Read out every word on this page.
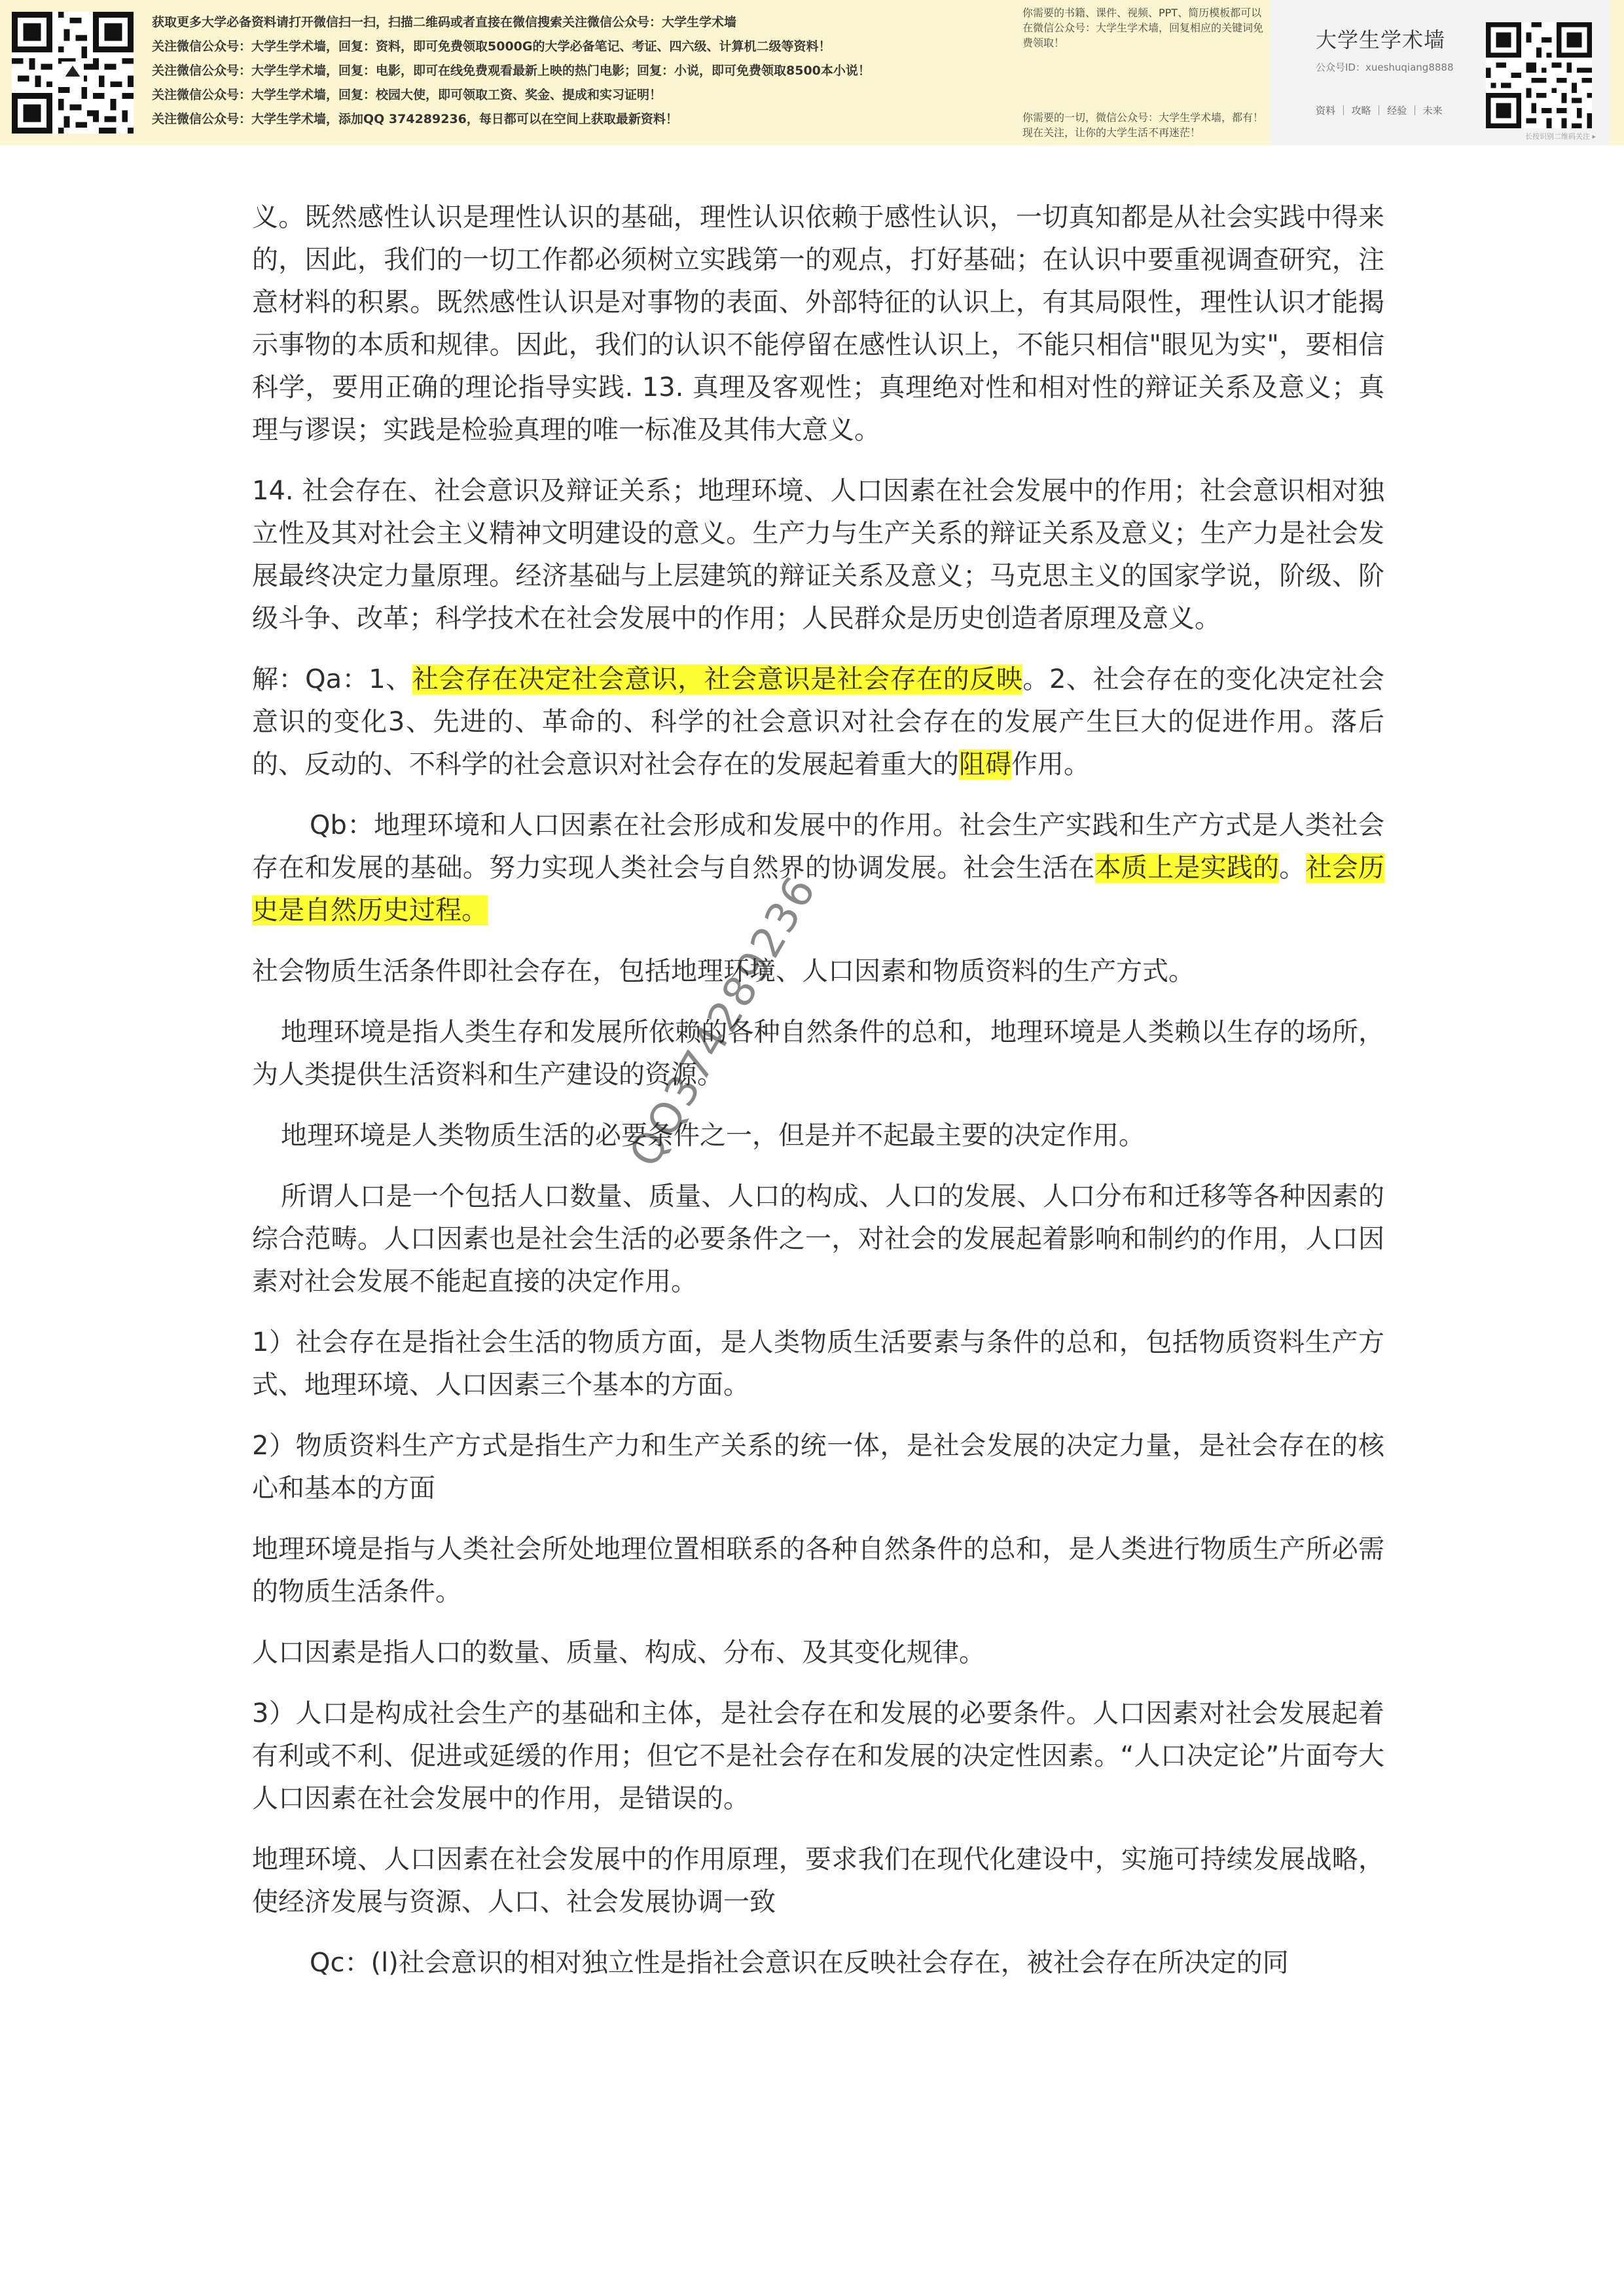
获取更多大学必备资料请打开微信扫一扫，扫描二维码或者直接在微信搜索关注微信公众号：大学生学术墙
关注微信公众号：大学生学术墙，回复：资料，即可免费领取5000G的大学必备笔记、考证、四六级、计算机二级等资料！
关注微信公众号：大学生学术墙，回复：电影，即可在线免费观看最新上映的热门电影；回复：小说，即可免费领取8500本小说！
关注微信公众号：大学生学术墙，回复：校园大使，即可领取工资、奖金、提成和实习证明！
关注微信公众号：大学生学术墙，添加QQ 374289236，每日都可以在空间上获取最新资料！
你需要的书籍、课件、视频、PPT、简历模板都可以在微信公众号：大学生学术墙，回复相应的关键词免费领取！
你需要的一切，微信公众号：大学生学术墙，都有！现在关注，让你的大学生活不再迷茫！
大学生学术墙
公众号ID：xueshuqiang8888
资料 ｜ 攻略 ｜ 经验 ｜ 未来
长按识别二维码关注 ▸

义。既然感性认识是理性认识的基础，理性认识依赖于感性认识，一切真知都是从社会实践中得来的，因此，我们的一切工作都必须树立实践第一的观点，打好基础；在认识中要重视调查研究，注意材料的积累。既然感性认识是对事物的表面、外部特征的认识上，有其局限性，理性认识才能揭示事物的本质和规律。因此，我们的认识不能停留在感性认识上，不能只相信"眼见为实"，要相信科学，要用正确的理论指导实践. 13. 真理及客观性；真理绝对性和相对性的辩证关系及意义；真理与谬误；实践是检验真理的唯一标准及其伟大意义。

14. 社会存在、社会意识及辩证关系；地理环境、人口因素在社会发展中的作用；社会意识相对独立性及其对社会主义精神文明建设的意义。生产力与生产关系的辩证关系及意义；生产力是社会发展最终决定力量原理。经济基础与上层建筑的辩证关系及意义；马克思主义的国家学说，阶级、阶级斗争、改革；科学技术在社会发展中的作用；人民群众是历史创造者原理及意义。

解：Qa：1、社会存在决定社会意识，社会意识是社会存在的反映。2、社会存在的变化决定社会意识的变化3、先进的、革命的、科学的社会意识对社会存在的发展产生巨大的促进作用。落后的、反动的、不科学的社会意识对社会存在的发展起着重大的阻碍作用。

Qb：地理环境和人口因素在社会形成和发展中的作用。社会生产实践和生产方式是人类社会存在和发展的基础。努力实现人类社会与自然界的协调发展。社会生活在本质上是实践的。社会历史是自然历史过程。

社会物质生活条件即社会存在，包括地理环境、人口因素和物质资料的生产方式。

地理环境是指人类生存和发展所依赖的各种自然条件的总和，地理环境是人类赖以生存的场所，为人类提供生活资料和生产建设的资源。

地理环境是人类物质生活的必要条件之一，但是并不起最主要的决定作用。

所谓人口是一个包括人口数量、质量、人口的构成、人口的发展、人口分布和迁移等各种因素的综合范畴。人口因素也是社会生活的必要条件之一，对社会的发展起着影响和制约的作用，人口因素对社会发展不能起直接的决定作用。

1）社会存在是指社会生活的物质方面，是人类物质生活要素与条件的总和，包括物质资料生产方式、地理环境、人口因素三个基本的方面。

2）物质资料生产方式是指生产力和生产关系的统一体，是社会发展的决定力量，是社会存在的核心和基本的方面

地理环境是指与人类社会所处地理位置相联系的各种自然条件的总和，是人类进行物质生产所必需的物质生活条件。

人口因素是指人口的数量、质量、构成、分布、及其变化规律。

3）人口是构成社会生产的基础和主体，是社会存在和发展的必要条件。人口因素对社会发展起着有利或不利、促进或延缓的作用；但它不是社会存在和发展的决定性因素。“人口决定论”片面夸大人口因素在社会发展中的作用，是错误的。

地理环境、人口因素在社会发展中的作用原理，要求我们在现代化建设中，实施可持续发展战略，使经济发展与资源、人口、社会发展协调一致

Qc：(l)社会意识的相对独立性是指社会意识在反映社会存在，被社会存在所决定的同

QQ374289236
